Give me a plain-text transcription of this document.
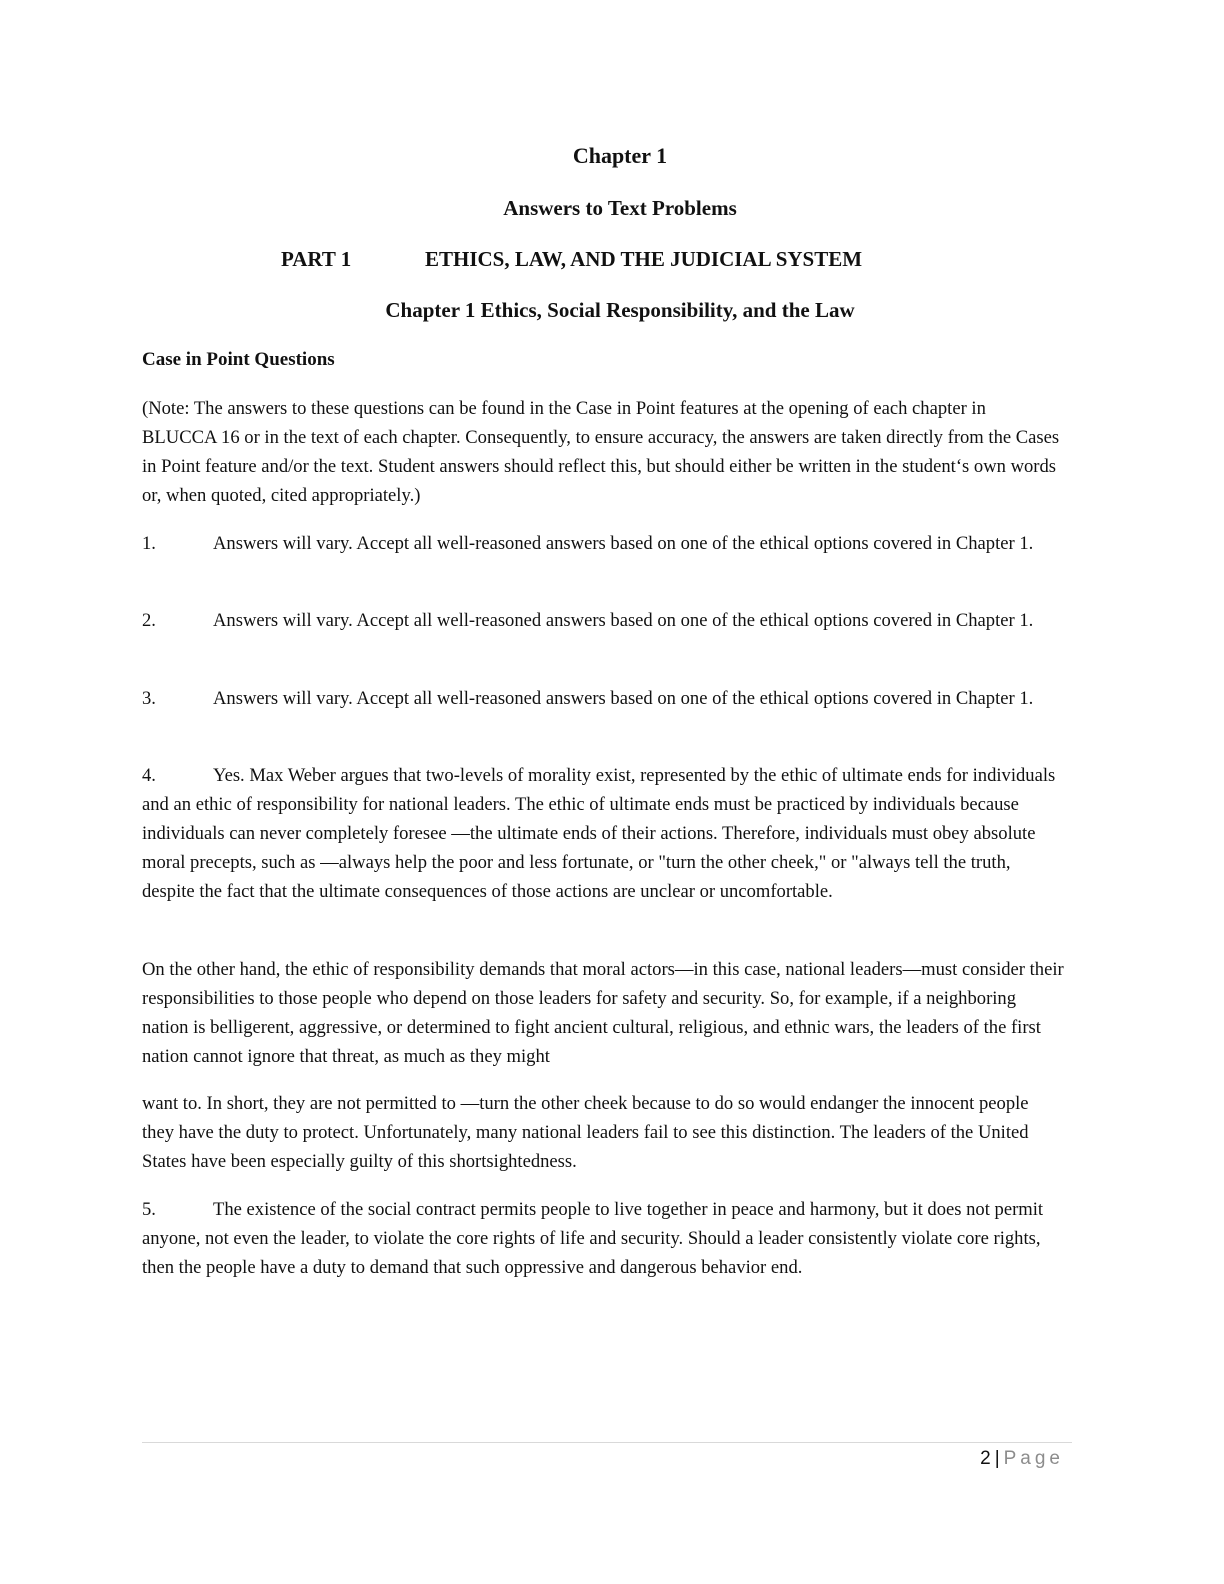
Chapter 1
Answers to Text Problems
PART 1	ETHICS, LAW, AND THE JUDICIAL SYSTEM
Chapter 1 Ethics, Social Responsibility, and the Law
Case in Point Questions

(Note: The answers to these questions can be found in the Case in Point features at the opening of each chapter in BLUCCA 16 or in the text of each chapter. Consequently, to ensure accuracy, the answers are taken directly from the Cases in Point feature and/or the text. Student answers should reflect this, but should either be written in the student‘s own words or, when quoted, cited appropriately.)

1.	Answers will vary. Accept all well-reasoned answers based on one of the ethical options covered in Chapter 1.

2.	Answers will vary. Accept all well-reasoned answers based on one of the ethical options covered in Chapter 1.

3.	Answers will vary. Accept all well-reasoned answers based on one of the ethical options covered in Chapter 1.

4.	Yes. Max Weber argues that two-levels of morality exist, represented by the ethic of ultimate ends for individuals and an ethic of responsibility for national leaders. The ethic of ultimate ends must be practiced by individuals because individuals can never completely foresee ―the ultimate ends of their actions. Therefore, individuals must obey absolute moral precepts, such as ―always help the poor and less fortunate, or "turn the other cheek," or "always tell the truth, despite the fact that the ultimate consequences of those actions are unclear or uncomfortable.

On the other hand, the ethic of responsibility demands that moral actors—in this case, national leaders—must consider their responsibilities to those people who depend on those leaders for safety and security. So, for example, if a neighboring nation is belligerent, aggressive, or determined to fight ancient cultural, religious, and ethnic wars, the leaders of the first nation cannot ignore that threat, as much as they might

want to. In short, they are not permitted to ―turn the other cheek because to do so would endanger the innocent people they have the duty to protect. Unfortunately, many national leaders fail to see this distinction. The leaders of the United States have been especially guilty of this shortsightedness.

5.	The existence of the social contract permits people to live together in peace and harmony, but it does not permit anyone, not even the leader, to violate the core rights of life and security. Should a leader consistently violate core rights, then the people have a duty to demand that such oppressive and dangerous behavior end.

2 | Page
